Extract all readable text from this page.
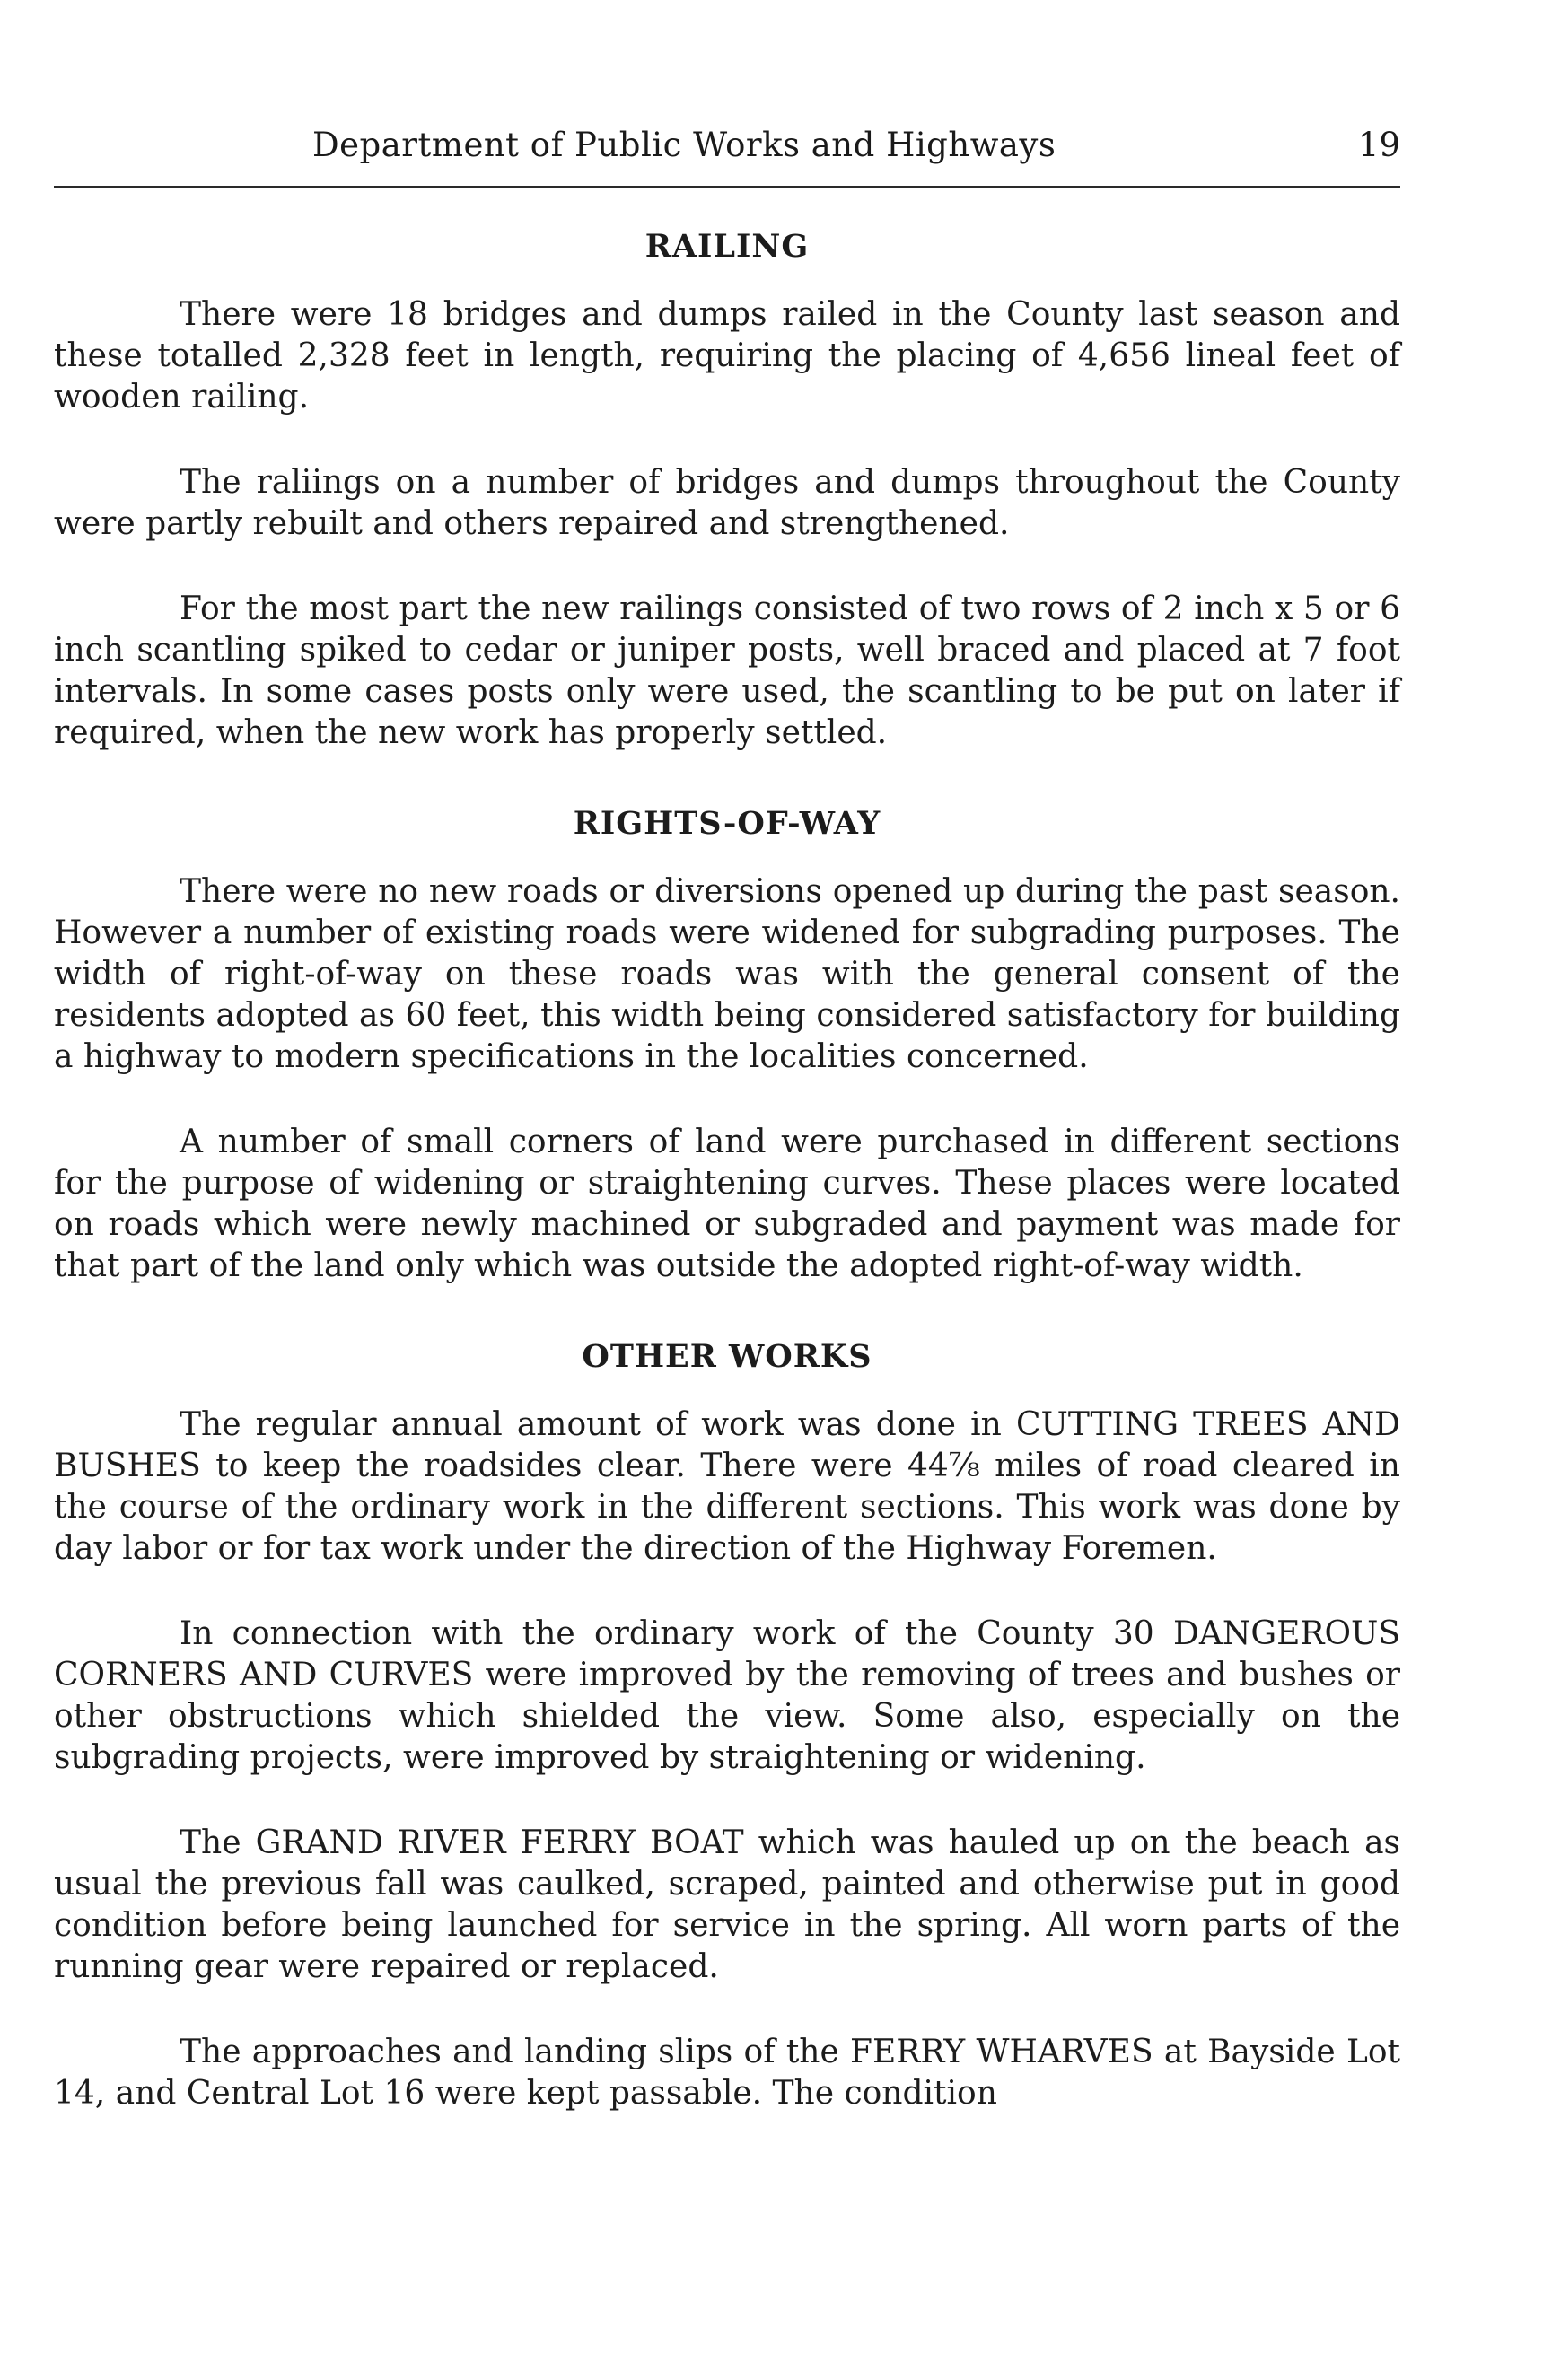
Department of Public Works and Highways	19
RAILING

There were 18 bridges and dumps railed in the County last season and these totalled 2,328 feet in length, requiring the placing of 4,656 lineal feet of wooden railing.

The raliings on a number of bridges and dumps throughout the County were partly rebuilt and others repaired and strengthened.

For the most part the new railings consisted of two rows of 2 inch x 5 or 6 inch scantling spiked to cedar or juniper posts, well braced and placed at 7 foot intervals. In some cases posts only were used, the scantling to be put on later if required, when the new work has properly settled.

RIGHTS-OF-WAY

There were no new roads or diversions opened up during the past season. However a number of existing roads were widened for subgrading purposes. The width of right-of-way on these roads was with the general consent of the residents adopted as 60 feet, this width being considered satisfactory for building a highway to modern specifications in the localities concerned.

A number of small corners of land were purchased in different sections for the purpose of widening or straightening curves. These places were located on roads which were newly machined or subgraded and payment was made for that part of the land only which was outside the adopted right-of-way width.

OTHER WORKS

The regular annual amount of work was done in CUTTING TREES AND BUSHES to keep the roadsides clear. There were 44⅞ miles of road cleared in the course of the ordinary work in the different sections. This work was done by day labor or for tax work under the direction of the Highway Foremen.

In connection with the ordinary work of the County 30 DANGEROUS CORNERS AND CURVES were improved by the removing of trees and bushes or other obstructions which shielded the view. Some also, especially on the subgrading projects, were improved by straightening or widening.

The GRAND RIVER FERRY BOAT which was hauled up on the beach as usual the previous fall was caulked, scraped, painted and otherwise put in good condition before being launched for service in the spring. All worn parts of the running gear were repaired or replaced.

The approaches and landing slips of the FERRY WHARVES at Bayside Lot 14, and Central Lot 16 were kept passable. The condition
